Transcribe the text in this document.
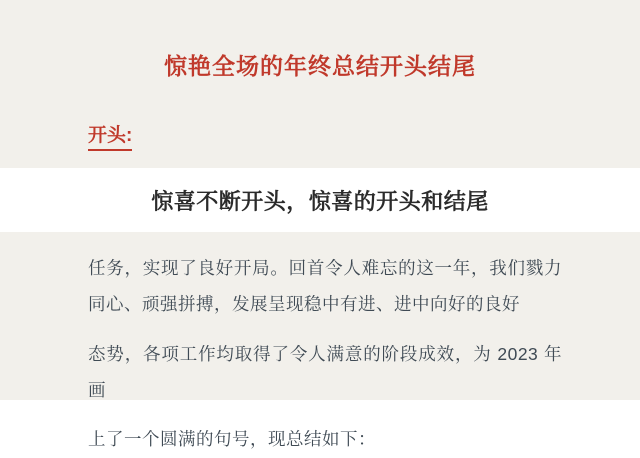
惊艳全场的年终总结开头结尾
开头:
任务，实现了良好开局。回首令人难忘的这一年，我们戮力同心、顽强拼搏，发展呈现稳中有进、进中向好的良好
态势，各项工作均取得了令人满意的阶段成效，为 2023 年画
上了一个圆满的句号，现总结如下：
惊喜不断开头，惊喜的开头和结尾
